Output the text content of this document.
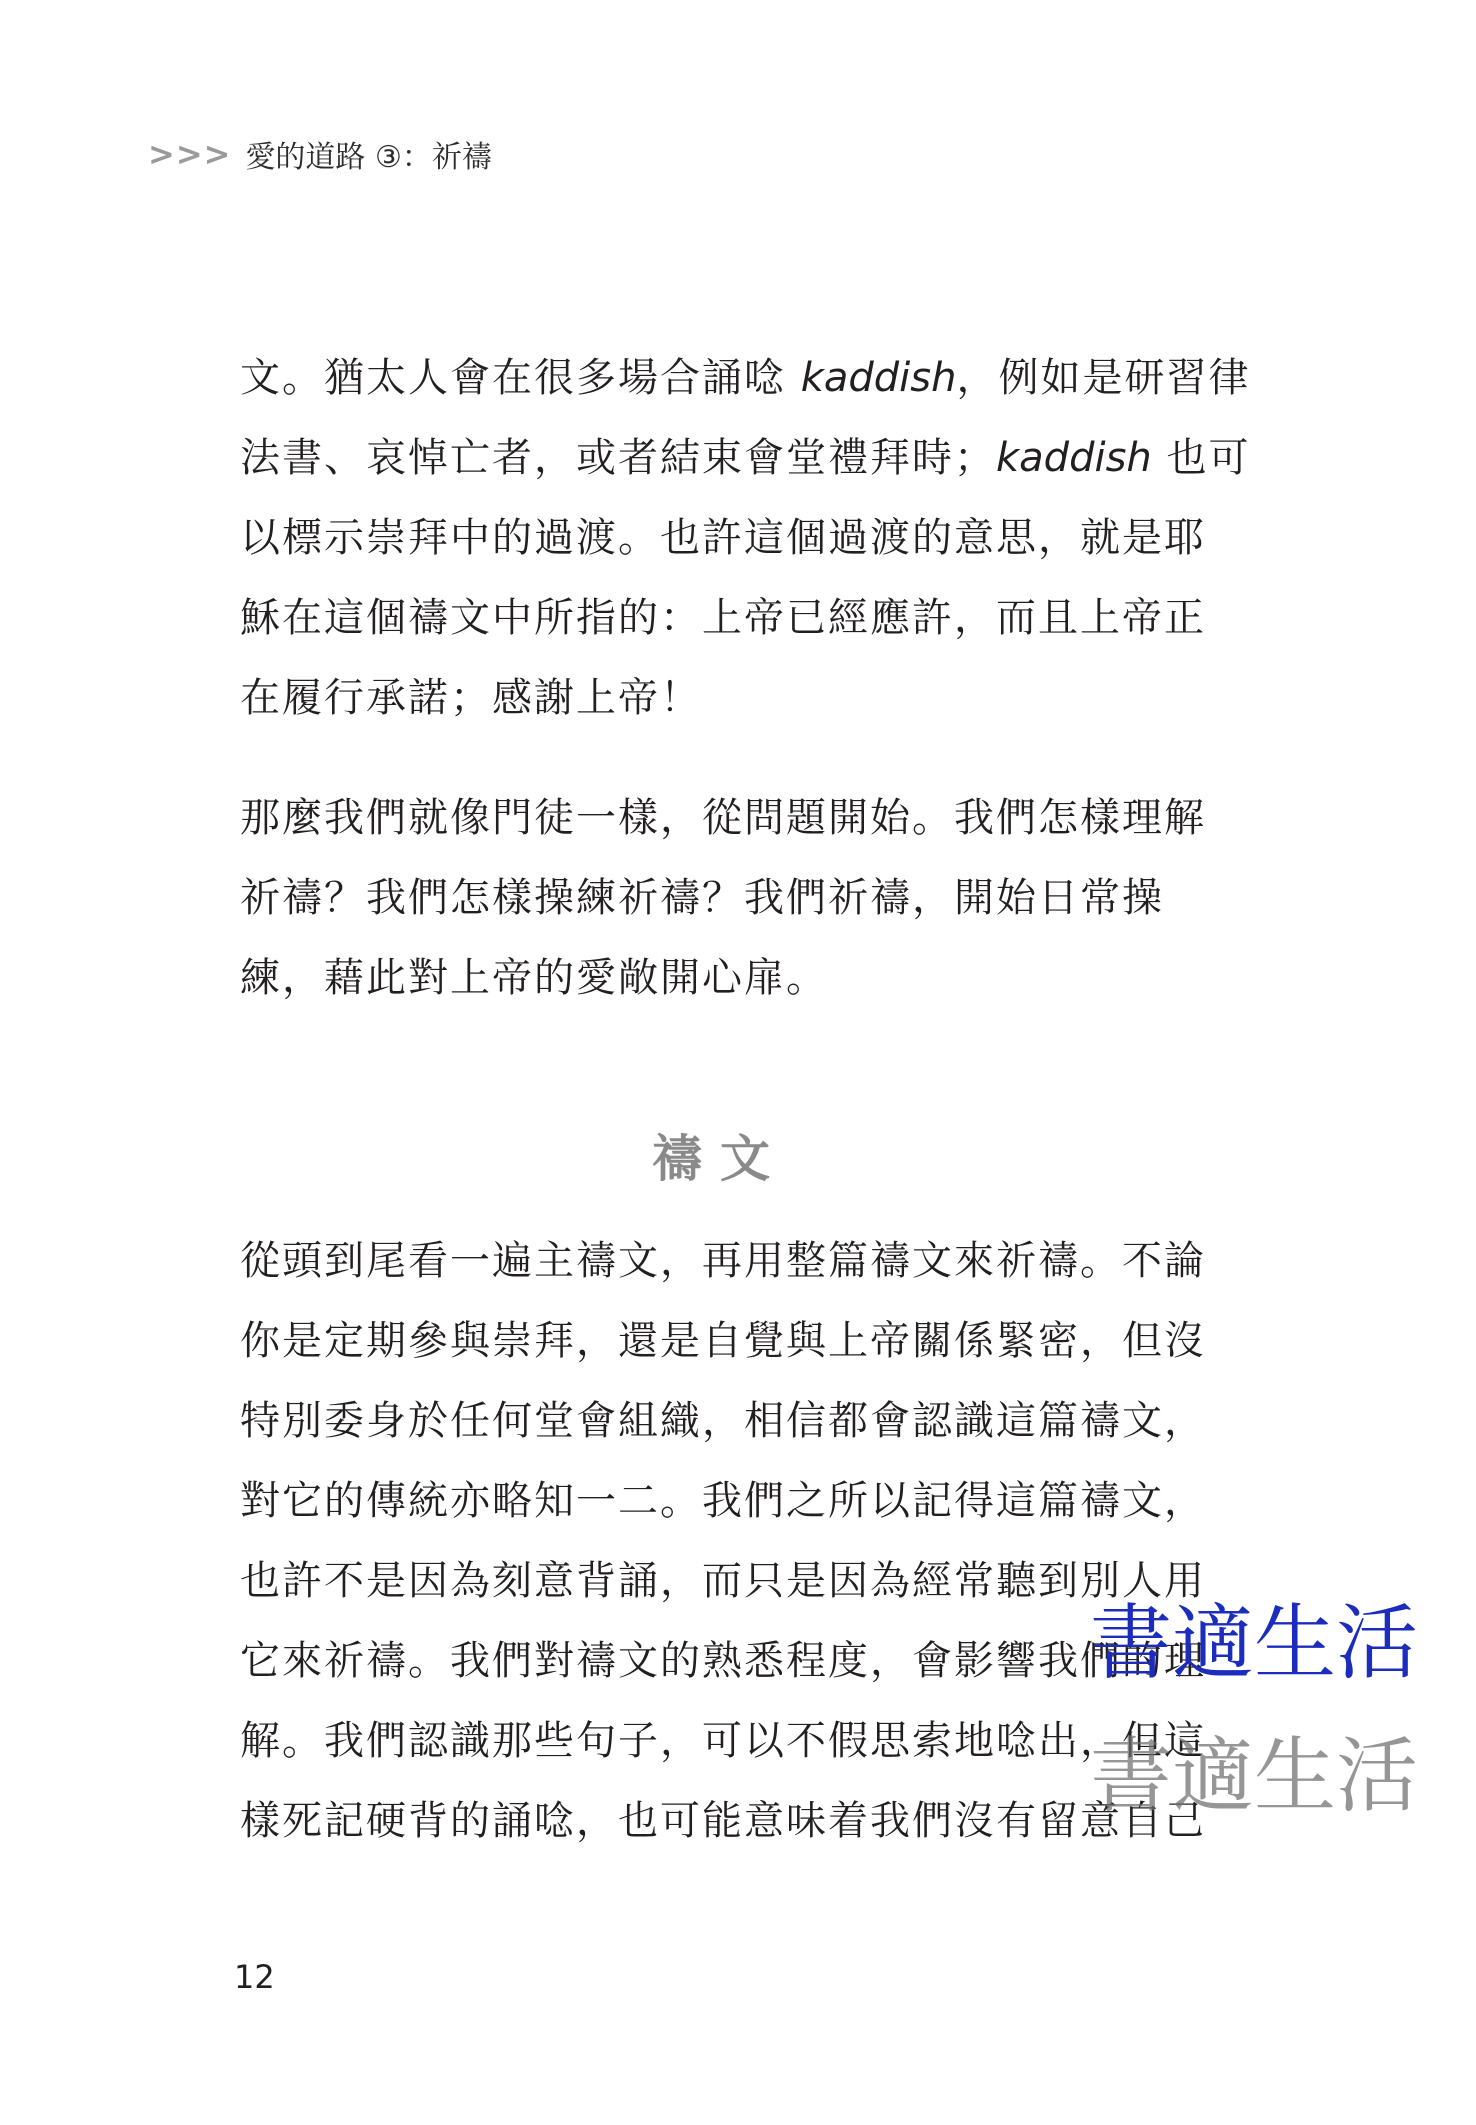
>>> 愛的道路 ③：祈禱
文。猶太人會在很多場合誦唸 kaddish，例如是研習律
法書、哀悼亡者，或者結束會堂禮拜時；kaddish 也可
以標示崇拜中的過渡。也許這個過渡的意思，就是耶
穌在這個禱文中所指的：上帝已經應許，而且上帝正
在履行承諾；感謝上帝！
那麼我們就像門徒一樣，從問題開始。我們怎樣理解
祈禱？我們怎樣操練祈禱？我們祈禱，開始日常操
練，藉此對上帝的愛敞開心扉。
禱文
從頭到尾看一遍主禱文，再用整篇禱文來祈禱。不論
你是定期參與崇拜，還是自覺與上帝關係緊密，但沒
特別委身於任何堂會組織，相信都會認識這篇禱文，
對它的傳統亦略知一二。我們之所以記得這篇禱文，
也許不是因為刻意背誦，而只是因為經常聽到別人用
它來祈禱。我們對禱文的熟悉程度，會影響我們的理
解。我們認識那些句子，可以不假思索地唸出，但這
樣死記硬背的誦唸，也可能意味着我們沒有留意自己
書適生活
書適生活
12
